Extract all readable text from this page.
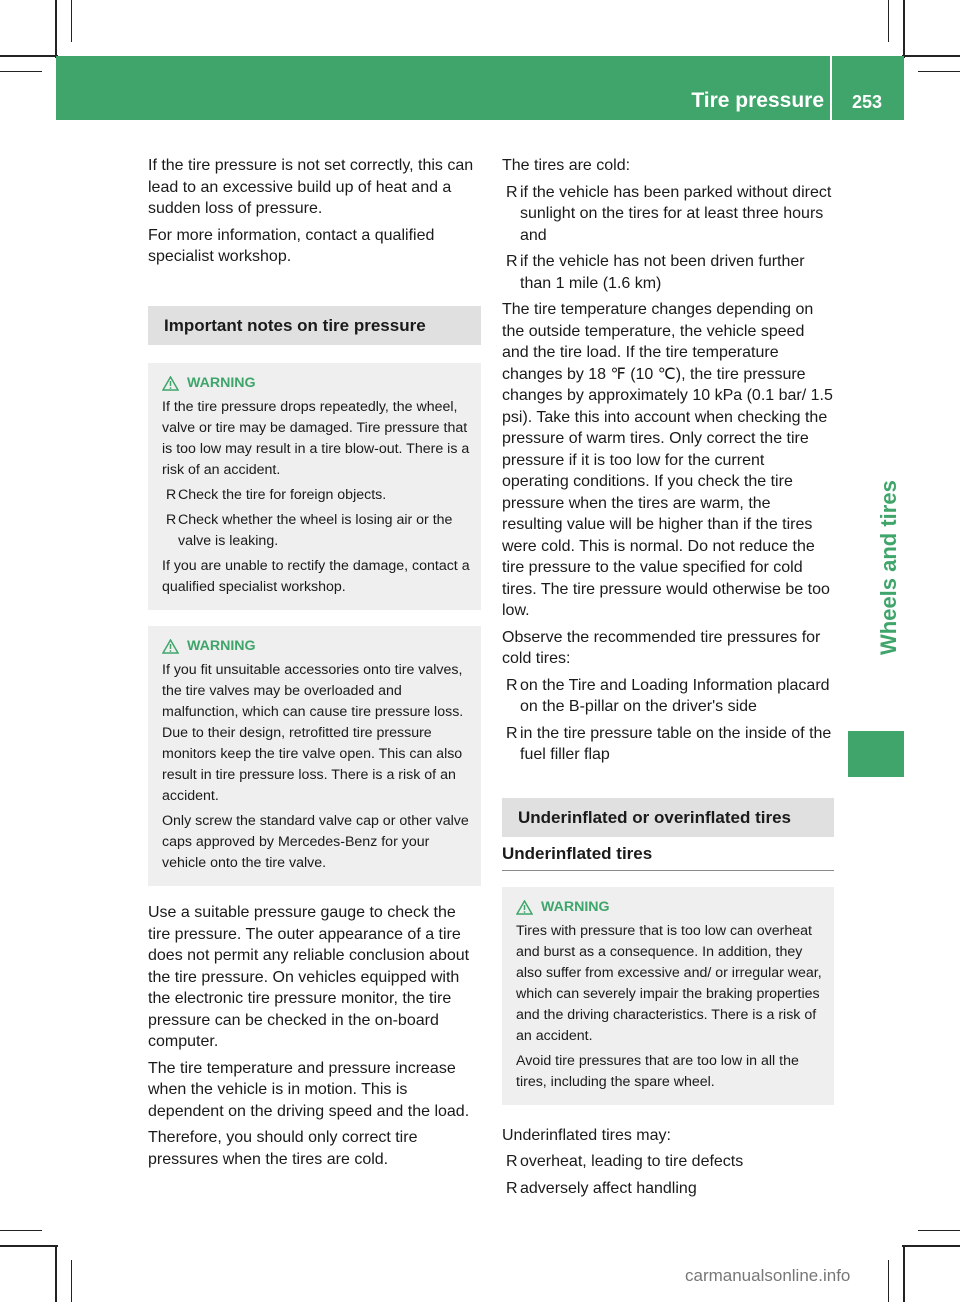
Tire pressure 253
Wheels and tires

If the tire pressure is not set correctly, this can lead to an excessive build up of heat and a sudden loss of pressure.

For more information, contact a qualified specialist workshop.

Important notes on tire pressure
WARNING

If the tire pressure drops repeatedly, the wheel, valve or tire may be damaged. Tire pressure that is too low may result in a tire blow-out. There is a risk of an accident.

R Check the tire for foreign objects.
R Check whether the wheel is losing air or the valve is leaking.

If you are unable to rectify the damage, contact a qualified specialist workshop.

WARNING

If you fit unsuitable accessories onto tire valves, the tire valves may be overloaded and malfunction, which can cause tire pressure loss. Due to their design, retrofitted tire pressure monitors keep the tire valve open. This can also result in tire pressure loss. There is a risk of an accident.

Only screw the standard valve cap or other valve caps approved by Mercedes-Benz for your vehicle onto the tire valve.

Use a suitable pressure gauge to check the tire pressure. The outer appearance of a tire does not permit any reliable conclusion about the tire pressure. On vehicles equipped with the electronic tire pressure monitor, the tire pressure can be checked in the on-board computer.

The tire temperature and pressure increase when the vehicle is in motion. This is dependent on the driving speed and the load.

Therefore, you should only correct tire pressures when the tires are cold.

The tires are cold:

R if the vehicle has been parked without direct sunlight on the tires for at least three hours and
R if the vehicle has not been driven further than 1 mile (1.6 km)

The tire temperature changes depending on the outside temperature, the vehicle speed and the tire load. If the tire temperature changes by 18 ℉ (10 ℃), the tire pressure changes by approximately 10 kPa (0.1 bar/ 1.5 psi). Take this into account when checking the pressure of warm tires. Only correct the tire pressure if it is too low for the current operating conditions. If you check the tire pressure when the tires are warm, the resulting value will be higher than if the tires were cold. This is normal. Do not reduce the tire pressure to the value specified for cold tires. The tire pressure would otherwise be too low.

Observe the recommended tire pressures for cold tires:

R on the Tire and Loading Information placard on the B-pillar on the driver's side
R in the tire pressure table on the inside of the fuel filler flap
Underinflated or overinflated tires
Underinflated tires
WARNING

Tires with pressure that is too low can overheat and burst as a consequence. In addition, they also suffer from excessive and/ or irregular wear, which can severely impair the braking properties and the driving characteristics. There is a risk of an accident.

Avoid tire pressures that are too low in all the tires, including the spare wheel.

Underinflated tires may:

R overheat, leading to tire defects
R adversely affect handling
carmanualsonline.info
